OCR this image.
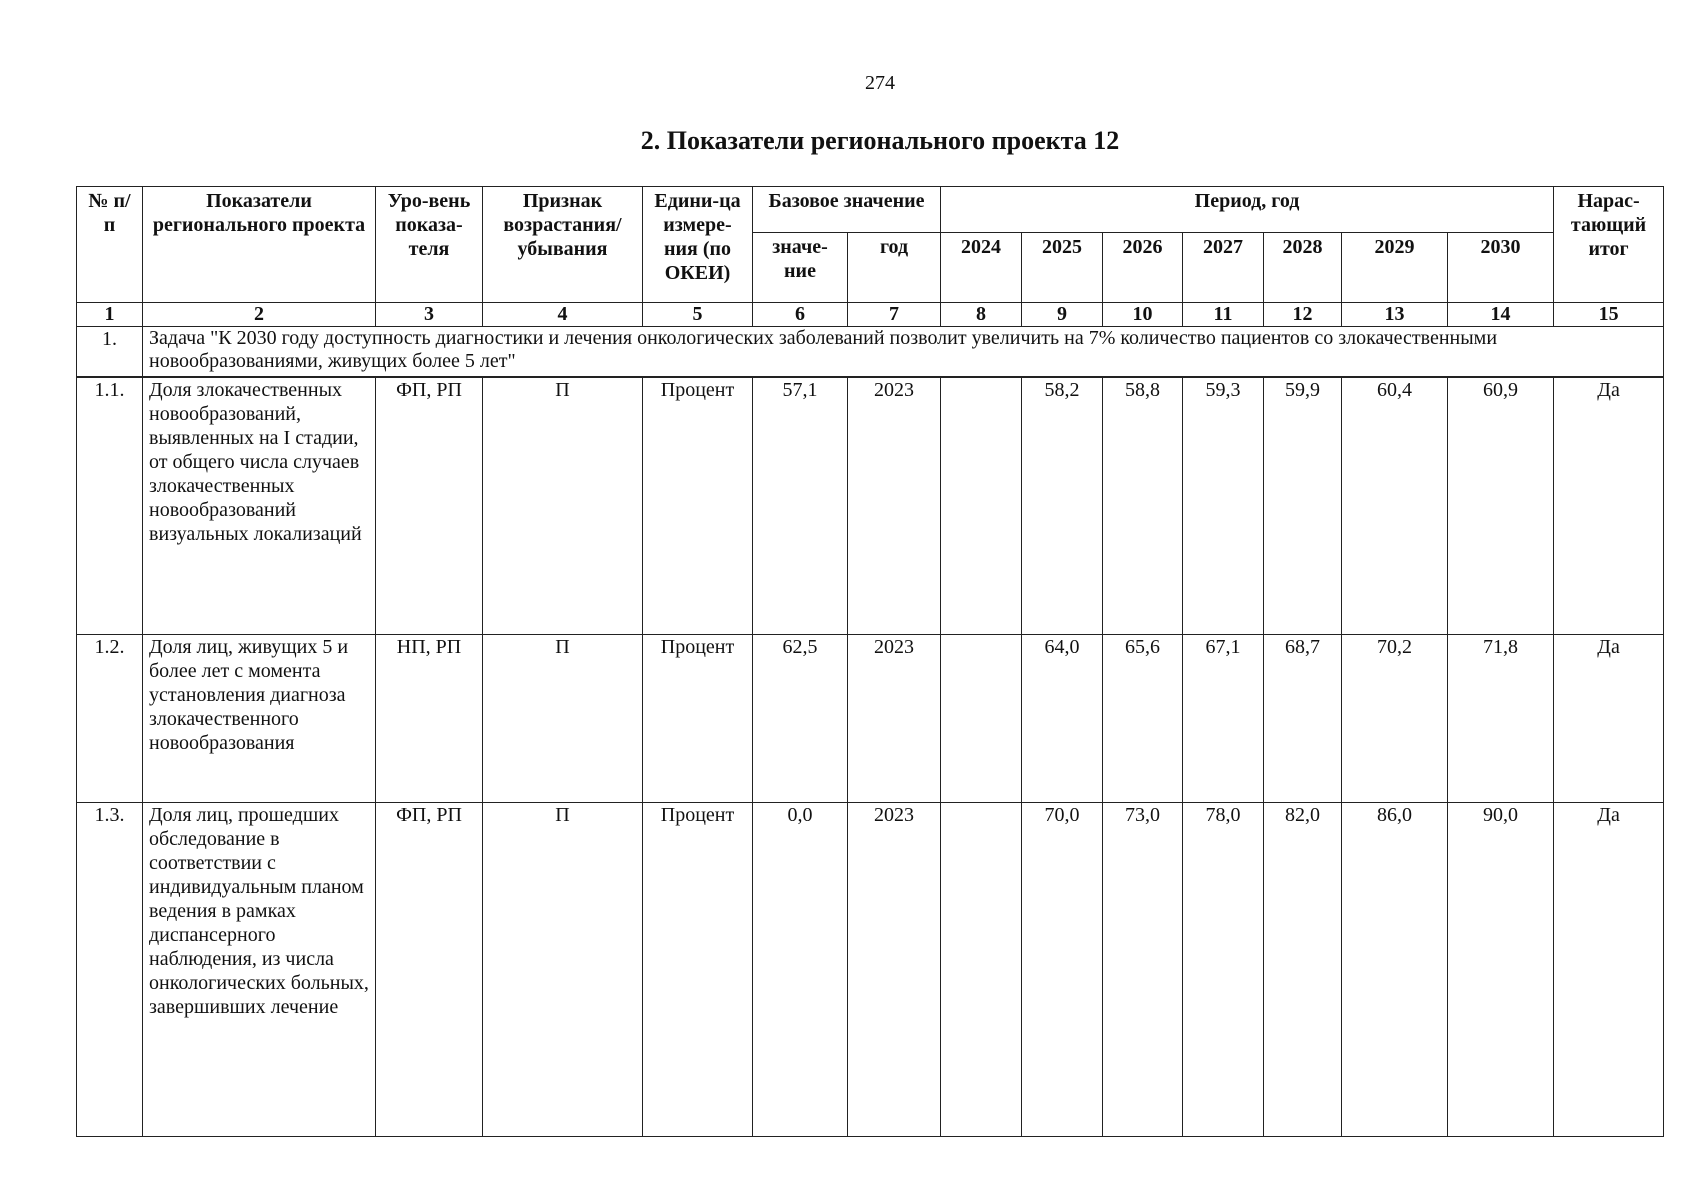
274
2. Показатели регионального проекта 12
№ п/п	Показатели регионального проекта	Уро-вень показа-теля	Признак возрастания/ убывания	Едини-ца измере-ния (по ОКЕИ)	Базовое значение		Период, год							Нарас-тающий итог
					значе-ние	год	2024	2025	2026	2027	2028	2029	2030	
1	2	3	4	5	6	7	8	9	10	11	12	13	14	15
1.	Задача "К 2030 году доступность диагностики и лечения онкологических заболеваний позволит увеличить на 7% количество пациентов со злокачественными новообразованиями, живущих более 5 лет"													
1.1.	Доля злокачественных новообразований, выявленных на I стадии, от общего числа случаев злокачественных новообразований визуальных локализаций	ФП, РП	П	Процент	57,1	2023		58,2	58,8	59,3	59,9	60,4	60,9	Да
1.2.	Доля лиц, живущих 5 и более лет с момента установления диагноза злокачественного новообразования	НП, РП	П	Процент	62,5	2023		64,0	65,6	67,1	68,7	70,2	71,8	Да
1.3.	Доля лиц, прошедших обследование в соответствии с индивидуальным планом ведения в рамках диспансерного наблюдения, из числа онкологических больных, завершивших лечение	ФП, РП	П	Процент	0,0	2023		70,0	73,0	78,0	82,0	86,0	90,0	Да
